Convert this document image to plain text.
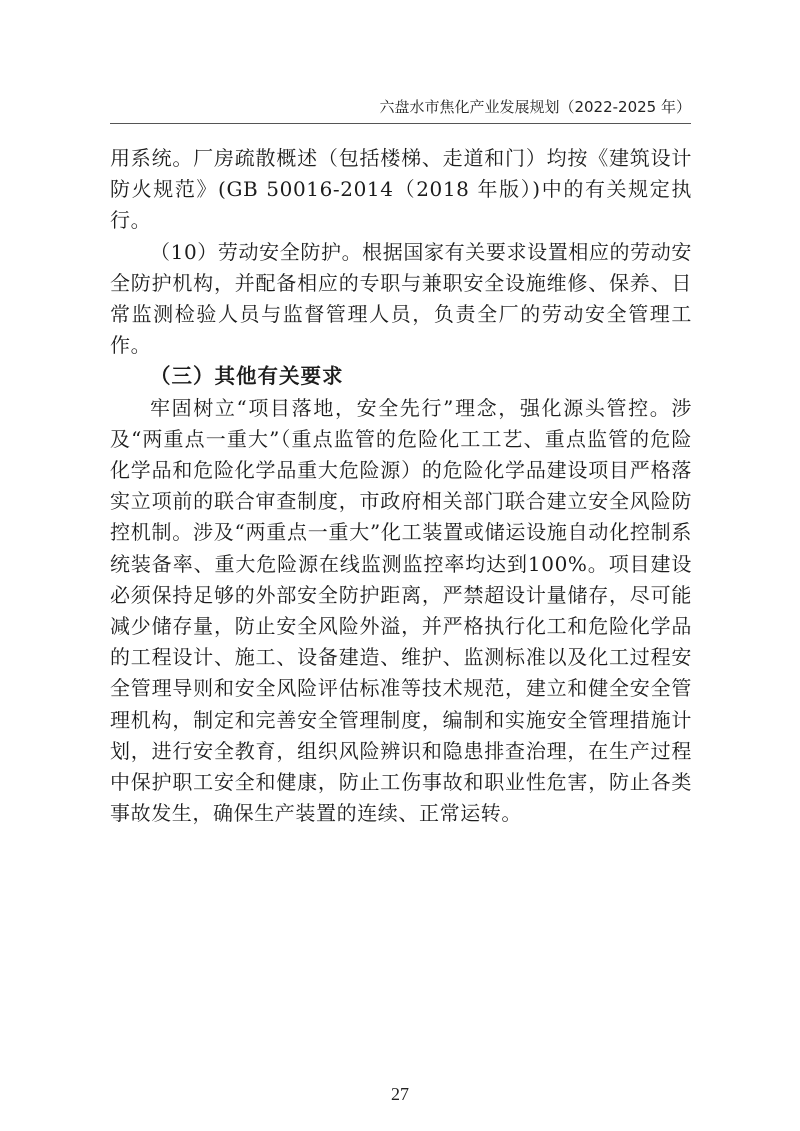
六盘水市焦化产业发展规划（2022-2025 年）

用系统。厂房疏散概述（包括楼梯、走道和门）均按《建筑设计防火规范》(GB 50016-2014（2018 年版）)中的有关规定执行。

（10）劳动安全防护。根据国家有关要求设置相应的劳动安全防护机构，并配备相应的专职与兼职安全设施维修、保养、日常监测检验人员与监督管理人员，负责全厂的劳动安全管理工作。

（三）其他有关要求

牢固树立“项目落地，安全先行”理念，强化源头管控。涉及“两重点一重大”（重点监管的危险化工工艺、重点监管的危险化学品和危险化学品重大危险源）的危险化学品建设项目严格落实立项前的联合审查制度，市政府相关部门联合建立安全风险防控机制。涉及“两重点一重大”化工装置或储运设施自动化控制系统装备率、重大危险源在线监测监控率均达到100%。项目建设必须保持足够的外部安全防护距离，严禁超设计量储存，尽可能减少储存量，防止安全风险外溢，并严格执行化工和危险化学品的工程设计、施工、设备建造、维护、监测标准以及化工过程安全管理导则和安全风险评估标准等技术规范，建立和健全安全管理机构，制定和完善安全管理制度，编制和实施安全管理措施计划，进行安全教育，组织风险辨识和隐患排查治理，在生产过程中保护职工安全和健康，防止工伤事故和职业性危害，防止各类事故发生，确保生产装置的连续、正常运转。

27
